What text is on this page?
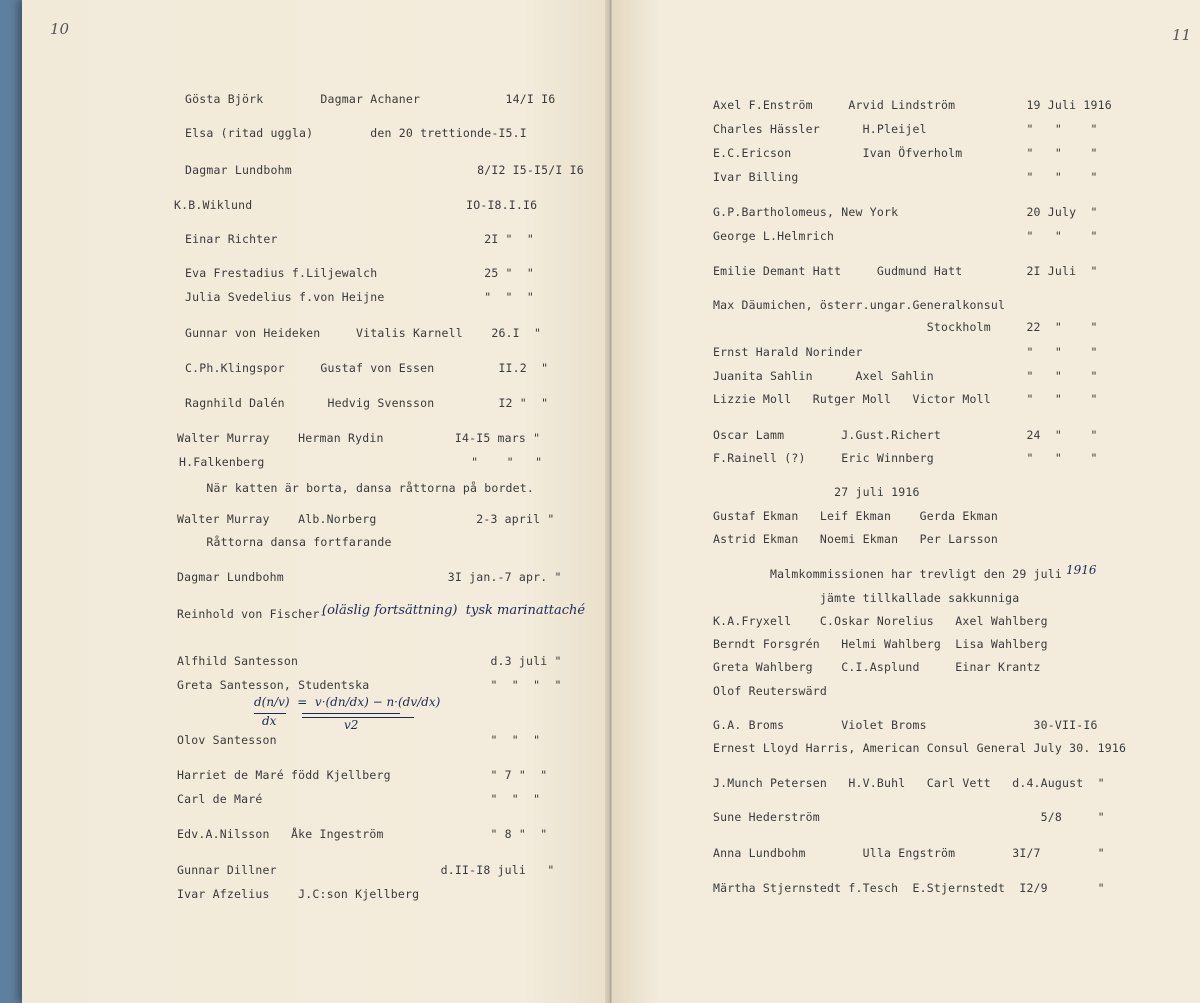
10
Gösta Björk        Dagmar Achaner            14/I I6
Elsa (ritad uggla)        den 20 trettionde-I5.I
Dagmar Lundbohm                          8/I2 I5-I5/I I6
K.B.Wiklund                              IO-I8.I.I6
Einar Richter                             2I "  "
Eva Frestadius f.Liljewalch               25 "  "
Julia Svedelius f.von Heijne              "  "  "
Gunnar von Heideken     Vitalis Karnell    26.I  "
C.Ph.Klingspor     Gustaf von Essen         II.2  "
Ragnhild Dalén      Hedvig Svensson         I2 "  "
Walter Murray    Herman Rydin          I4-I5 mars "
H.Falkenberg                             "    "   "
När katten är borta, dansa råttorna på bordet.
Walter Murray    Alb.Norberg              2-3 april "
Råttorna dansa fortfarande
Dagmar Lundbohm                       3I jan.-7 apr. "
Reinhold von Fischer-
(oläslig fortsättning)  tysk marinattaché
Alfhild Santesson                           d.3 juli "
Greta Santesson, Studentska                 "  "  "  "
d(n/v)  =  v·(dn/dx) − n·(dv/dx)
dx	v2
Olov Santesson                              "  "  "
Harriet de Maré född Kjellberg              " 7 "  "
Carl de Maré                                "  "  "
Edv.A.Nilsson   Åke Ingeström               " 8 "  "
Gunnar Dillner                       d.II-I8 juli   "
Ivar Afzelius    J.C:son Kjellberg
11
Axel F.Enström     Arvid Lindström          19 Juli 1916
Charles Hässler      H.Pleijel              "   "    "
E.C.Ericson          Ivan Öfverholm         "   "    "
Ivar Billing                                "   "    "
G.P.Bartholomeus, New York                  20 July  "
George L.Helmrich                           "   "    "
Emilie Demant Hatt     Gudmund Hatt         2I Juli  "
Max Däumichen, österr.ungar.Generalkonsul
Stockholm     22  "    "
Ernst Harald Norinder                       "   "    "
Juanita Sahlin      Axel Sahlin             "   "    "
Lizzie Moll   Rutger Moll   Victor Moll     "   "    "
Oscar Lamm        J.Gust.Richert            24  "    "
F.Rainell (?)     Eric Winnberg             "   "    "
27 juli 1916
Gustaf Ekman   Leif Ekman    Gerda Ekman
Astrid Ekman   Noemi Ekman   Per Larsson
Malmkommissionen har trevligt den 29 juli 1916
jämte tillkallade sakkunniga
K.A.Fryxell    C.Oskar Norelius   Axel Wahlberg
Berndt Forsgrén   Helmi Wahlberg  Lisa Wahlberg
Greta Wahlberg    C.I.Asplund     Einar Krantz
Olof Reuterswärd
G.A. Broms        Violet Broms               30-VII-I6
Ernest Lloyd Harris, American Consul General July 30. 1916
J.Munch Petersen   H.V.Buhl   Carl Vett   d.4.August  "
Sune Hederström                               5/8     "
Anna Lundbohm        Ulla Engström        3I/7        "
Märtha Stjernstedt f.Tesch  E.Stjernstedt  I2/9       "
